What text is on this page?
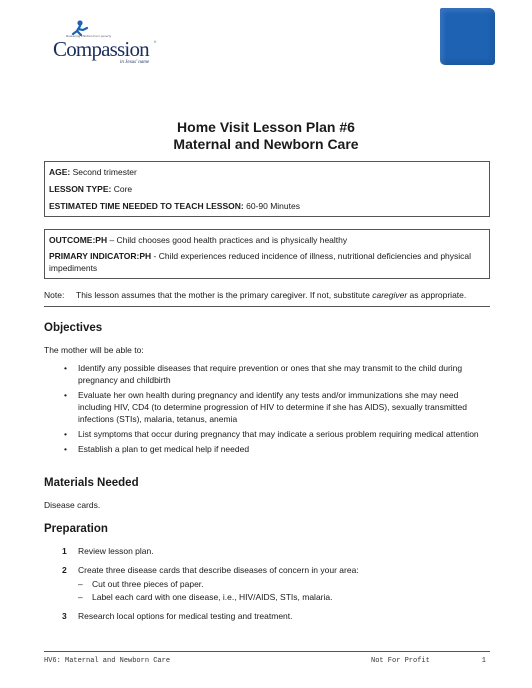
Releasing children from poverty
Compassion ®
in Jesus' name
Home Visit Lesson Plan #6
Maternal and Newborn Care
AGE: Second trimester
LESSON TYPE: Core
ESTIMATED TIME NEEDED TO TEACH LESSON: 60-90 Minutes
OUTCOME:PH – Child chooses good health practices and is physically healthy
PRIMARY INDICATOR:PH - Child experiences reduced incidence of illness, nutritional deficiencies and physical impediments
Note: This lesson assumes that the mother is the primary caregiver. If not, substitute caregiver as appropriate.
Objectives
The mother will be able to:
• Identify any possible diseases that require prevention or ones that she may transmit to the child during pregnancy and childbirth
• Evaluate her own health during pregnancy and identify any tests and/or immunizations she may need including HIV, CD4 (to determine progression of HIV to determine if she has AIDS), sexually transmitted infections (STIs), malaria, tetanus, anemia
• List symptoms that occur during pregnancy that may indicate a serious problem requiring medical attention
• Establish a plan to get medical help if needed
Materials Needed
Disease cards.
Preparation
1 Review lesson plan.
2 Create three disease cards that describe diseases of concern in your area:
– Cut out three pieces of paper.
– Label each card with one disease, i.e., HIV/AIDS, STIs, malaria.
3 Research local options for medical testing and treatment.
HV6: Maternal and Newborn Care	Not For Profit	1
